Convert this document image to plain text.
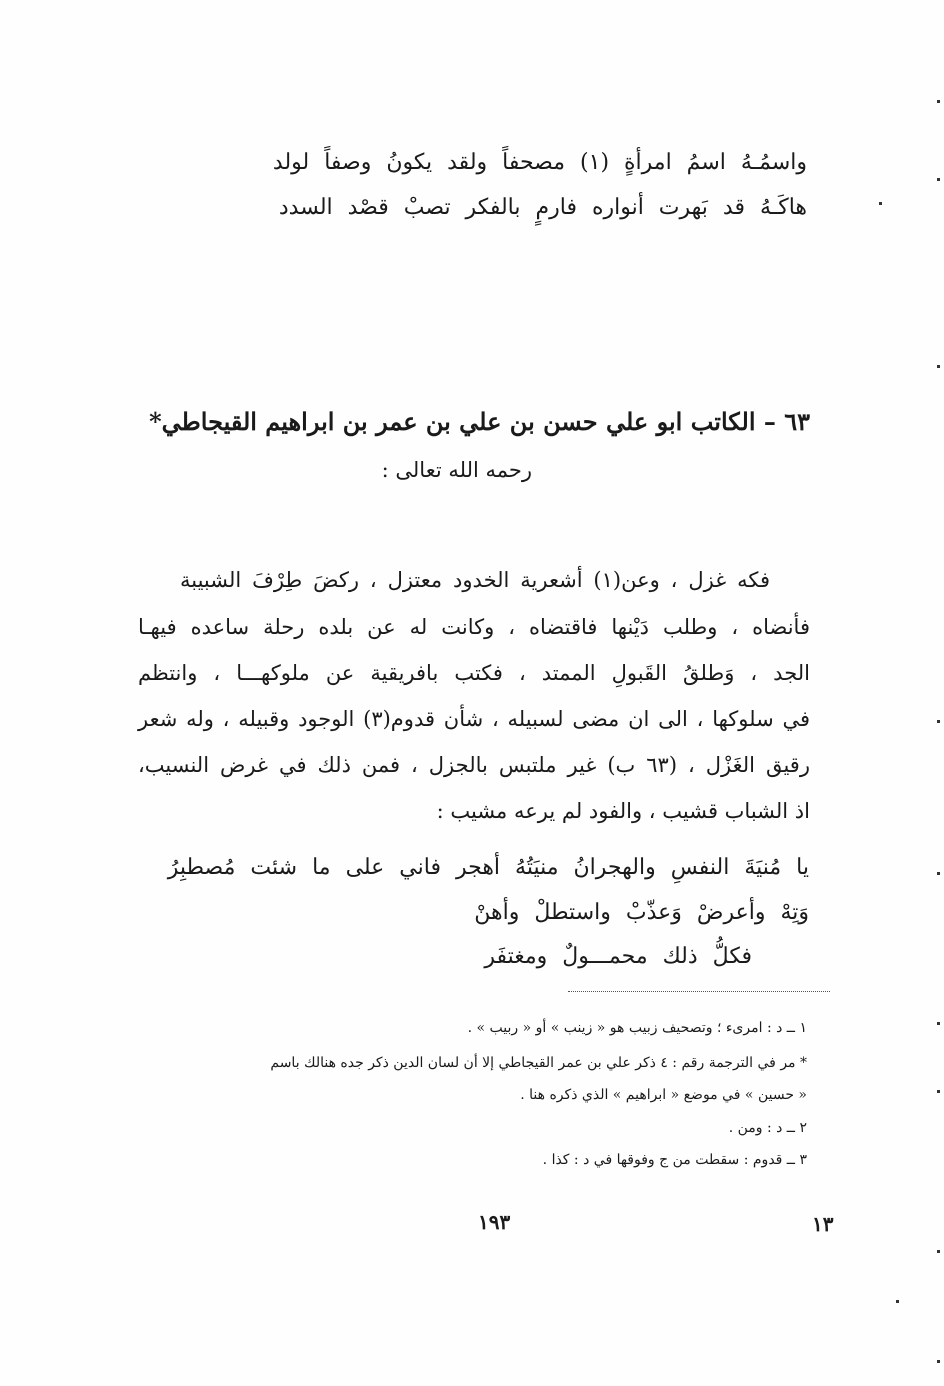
واسمُـهُ اسمُ امرأةٍ (١) مصحفاً ولقد يكونُ وصفاً لولد
هاكَـهُ قد بَهرت أنواره فارمٍ بالفكر تصبْ قصْد السدد
٦٣ – الكاتب ابو علي حسن بن علي بن عمر بن ابراهيم القيجاطي*
رحمه الله تعالى :
فكه غزل ، وعن(١) أشعرية الخدود معتزل ، ركضَ طِرْفَ الشبيبة
فأنضاه ، وطلب دَيْنها فاقتضاه ، وكانت له عن بلده رحلة ساعده فيهـا
الجد ، وَطلقُ القَبولِ الممتد ، فكتب بافريقية عن ملوكهـــا ، وانتظم
في سلوكها ، الى ان مضى لسبيله ، شأن قدوم(٣) الوجود وقبيله ، وله شعر
رقيق الغَزْل ، (٦٣ ب) غير ملتبس بالجزل ، فمن ذلك في غرض النسيب،
اذ الشباب قشيب ، والفود لم يرعه مشيب :
يا مُنيَةَ النفسِ والهجرانُ منيَتُهُ أهجر فاني على ما شئت مُصطبِرُ
وَتِهْ وأعرضْ وَعذّبْ واستطلْ وأهنْ
فكلُّ ذلك محمـــولٌ ومغتفَر
١ ــ د : امرىء ؛ وتصحيف زبيب هو « زينب » أو « ربيب » .
* مر في الترجمة رقم : ٤ ذكر علي بن عمر القيجاطي إلا أن لسان الدين ذكر جده هنالك باسم
« حسين » في موضع « ابراهيم » الذي ذكره هنا .
٢ ــ د : ومن .
٣ ــ قدوم : سقطت من ج وفوقها في د : كذا .
١٩٣	١٣
